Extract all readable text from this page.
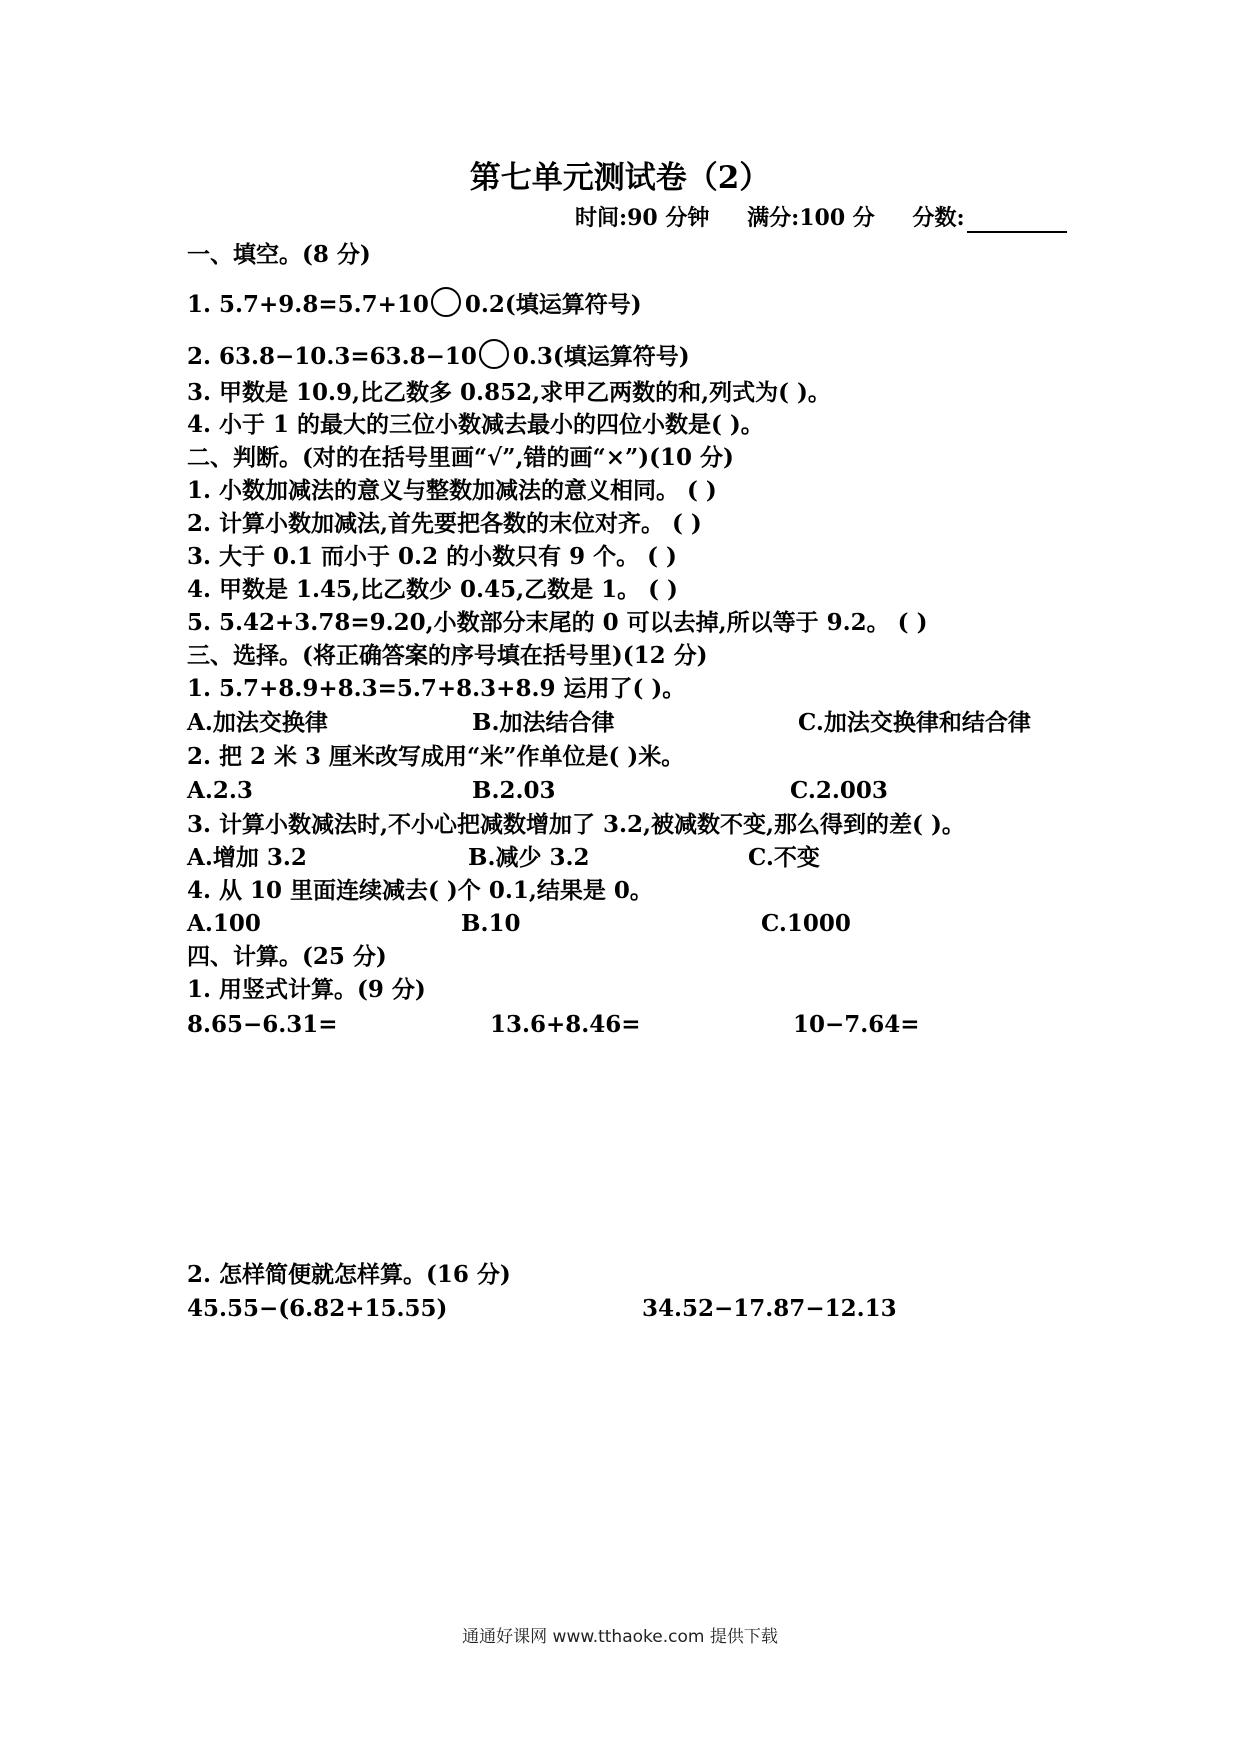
第七单元测试卷（2）
时间:90 分钟 满分:100 分 分数:
一、填空。(8 分)
1. 5.7+9.8=5.7+10 0.2(填运算符号)
2. 63.8−10.3=63.8−10 0.3(填运算符号)
3. 甲数是 10.9,比乙数多 0.852,求甲乙两数的和,列式为( )。
4. 小于 1 的最大的三位小数减去最小的四位小数是( )。
二、判断。(对的在括号里画“√”,错的画“×”)(10 分)
1. 小数加减法的意义与整数加减法的意义相同。 ( )
2. 计算小数加减法,首先要把各数的末位对齐。 ( )
3. 大于 0.1 而小于 0.2 的小数只有 9 个。 ( )
4. 甲数是 1.45,比乙数少 0.45,乙数是 1。 ( )
5. 5.42+3.78=9.20,小数部分末尾的 0 可以去掉,所以等于 9.2。 ( )
三、选择。(将正确答案的序号填在括号里)(12 分)
1. 5.7+8.9+8.3=5.7+8.3+8.9 运用了( )。
A.加法交换律	B.加法结合律	C.加法交换律和结合律
2. 把 2 米 3 厘米改写成用“米”作单位是( )米。
A.2.3	B.2.03	C.2.003
3. 计算小数减法时,不小心把减数增加了 3.2,被减数不变,那么得到的差( )。
A.增加 3.2	B.减少 3.2	C.不变
4. 从 10 里面连续减去( )个 0.1,结果是 0。
A.100	B.10	C.1000
四、计算。(25 分)
1. 用竖式计算。(9 分)
8.65−6.31=	13.6+8.46=	10−7.64=
2. 怎样简便就怎样算。(16 分)
45.55−(6.82+15.55)	34.52−17.87−12.13
通通好课网 www.tthaoke.com 提供下载
